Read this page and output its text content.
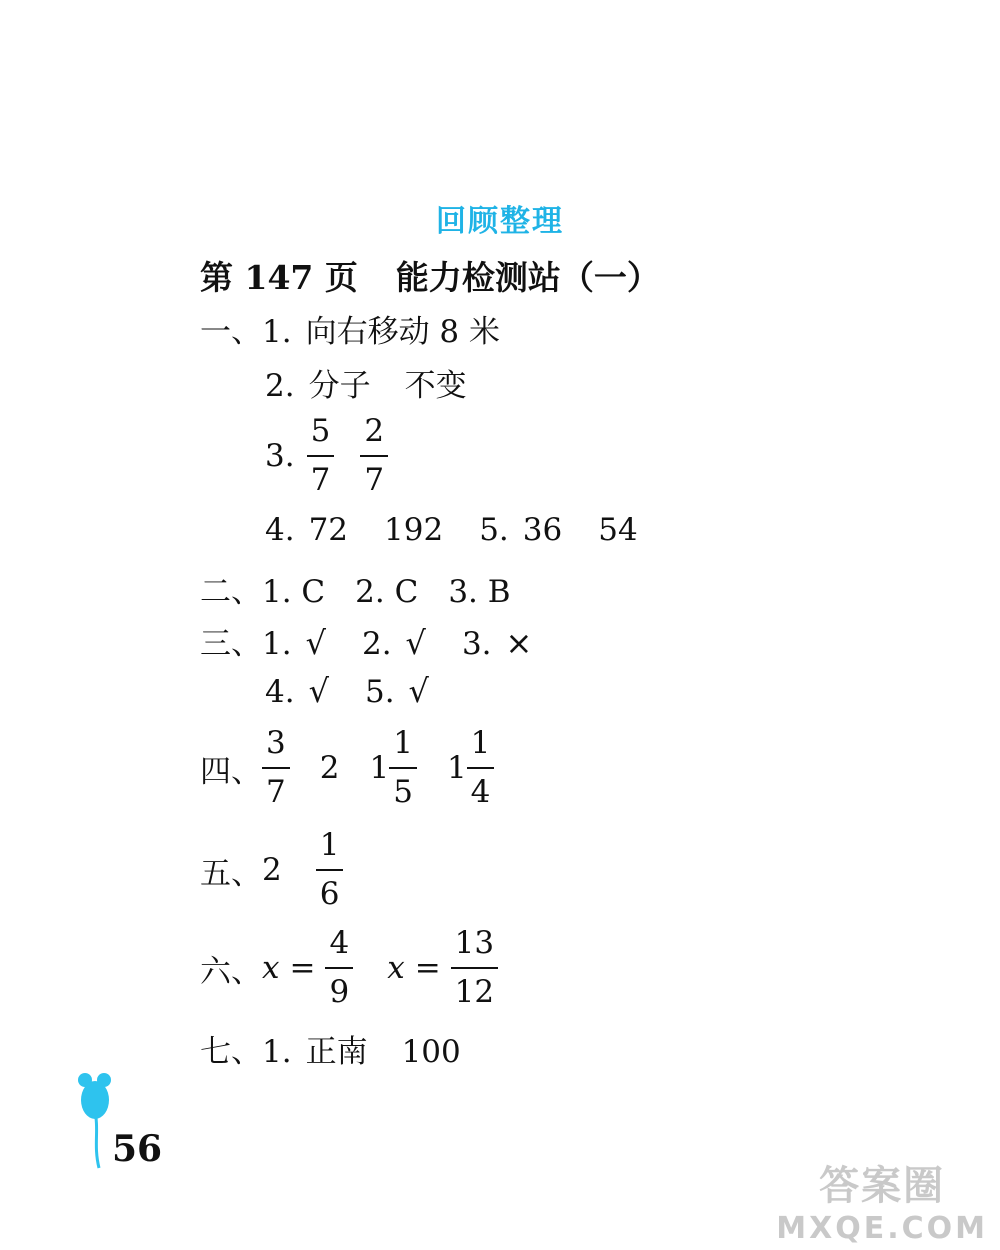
回顾整理
第 147 页 能力检测站（一）
一、1. 向右移动 8 米
2. 分子 不变
3. $\frac{5}{7} \frac{2}{7}$
4. 72 192 5. 36 54
二、1. C 2. C 3. B
三、1. √ 2. √ 3. ×
4. √ 5. √
四、 $\frac{3}{7} 2$ $1 \frac{1}{5} 1 \frac{1}{4}$
五、 $2 \frac{1}{6}$
六、 $x = \frac{4}{9}$ $x = \frac{13}{12}$
七、1. 正南 100
56
答案圈
MXQE.COM
